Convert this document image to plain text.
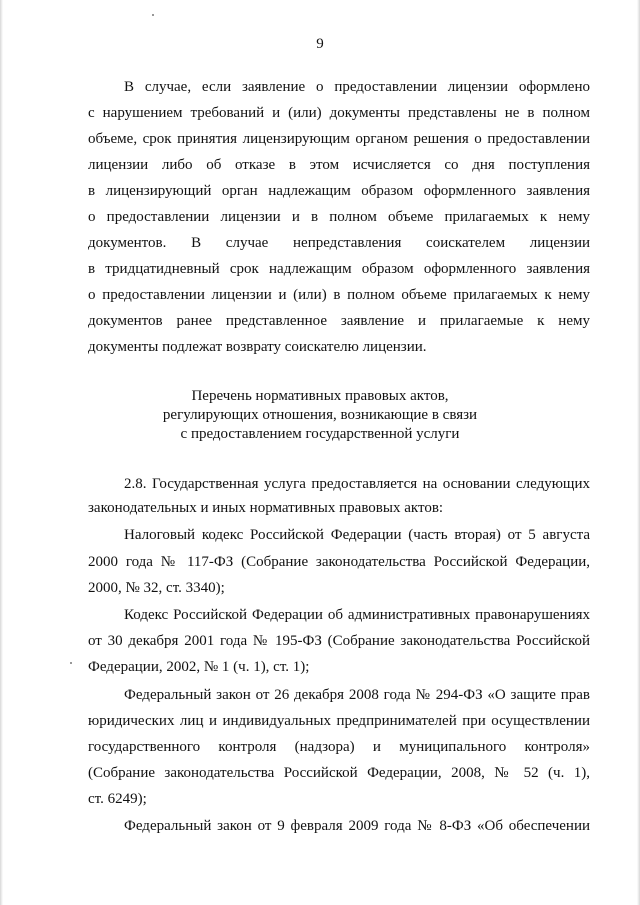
9
В случае, если заявление о предоставлении лицензии оформлено
с нарушением требований и (или) документы представлены не в полном
объеме, срок принятия лицензирующим органом решения о предоставлении
лицензии либо об отказе в этом исчисляется со дня поступления
в лицензирующий орган надлежащим образом оформленного заявления
о предоставлении лицензии и в полном объеме прилагаемых к нему
документов. В случае непредставления соискателем лицензии
в тридцатидневный срок надлежащим образом оформленного заявления
о предоставлении лицензии и (или) в полном объеме прилагаемых к нему
документов ранее представленное заявление и прилагаемые к нему
документы подлежат возврату соискателю лицензии.
Перечень нормативных правовых актов,
регулирующих отношения, возникающие в связи
с предоставлением государственной услуги
2.8. Государственная услуга предоставляется на основании следующих
законодательных и иных нормативных правовых актов:
Налоговый кодекс Российской Федерации (часть вторая) от 5 августа
2000 года № 117-ФЗ (Собрание законодательства Российской Федерации,
2000, № 32, ст. 3340);
Кодекс Российской Федерации об административных правонарушениях
от 30 декабря 2001 года № 195-ФЗ (Собрание законодательства Российской
Федерации, 2002, № 1 (ч. 1), ст. 1);
Федеральный закон от 26 декабря 2008 года № 294-ФЗ «О защите прав
юридических лиц и индивидуальных предпринимателей при осуществлении
государственного контроля (надзора) и муниципального контроля»
(Собрание законодательства Российской Федерации, 2008, № 52 (ч. 1),
ст. 6249);
Федеральный закон от 9 февраля 2009 года № 8-ФЗ «Об обеспечении
